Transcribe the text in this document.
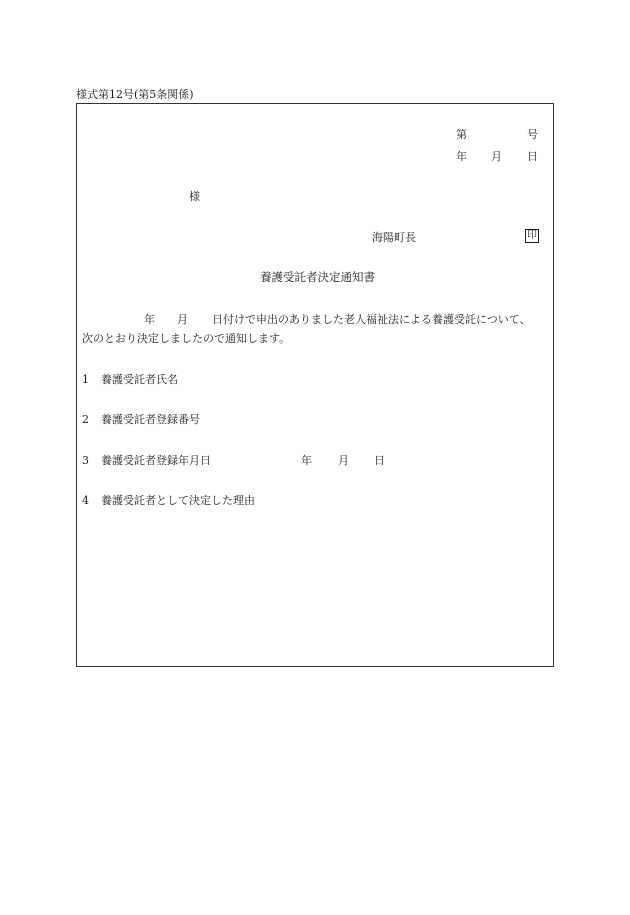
様式第12号(第5条関係)
第	号
年 月 日
様
海陽町長	印
養護受託者決定通知書
年 月 日付けで申出のありました老人福祉法による養護受託について、
次のとおり決定しましたので通知します。
1 養護受託者氏名
2 養護受託者登録番号
3 養護受託者登録年月日	年 月 日
4 養護受託者として決定した理由
